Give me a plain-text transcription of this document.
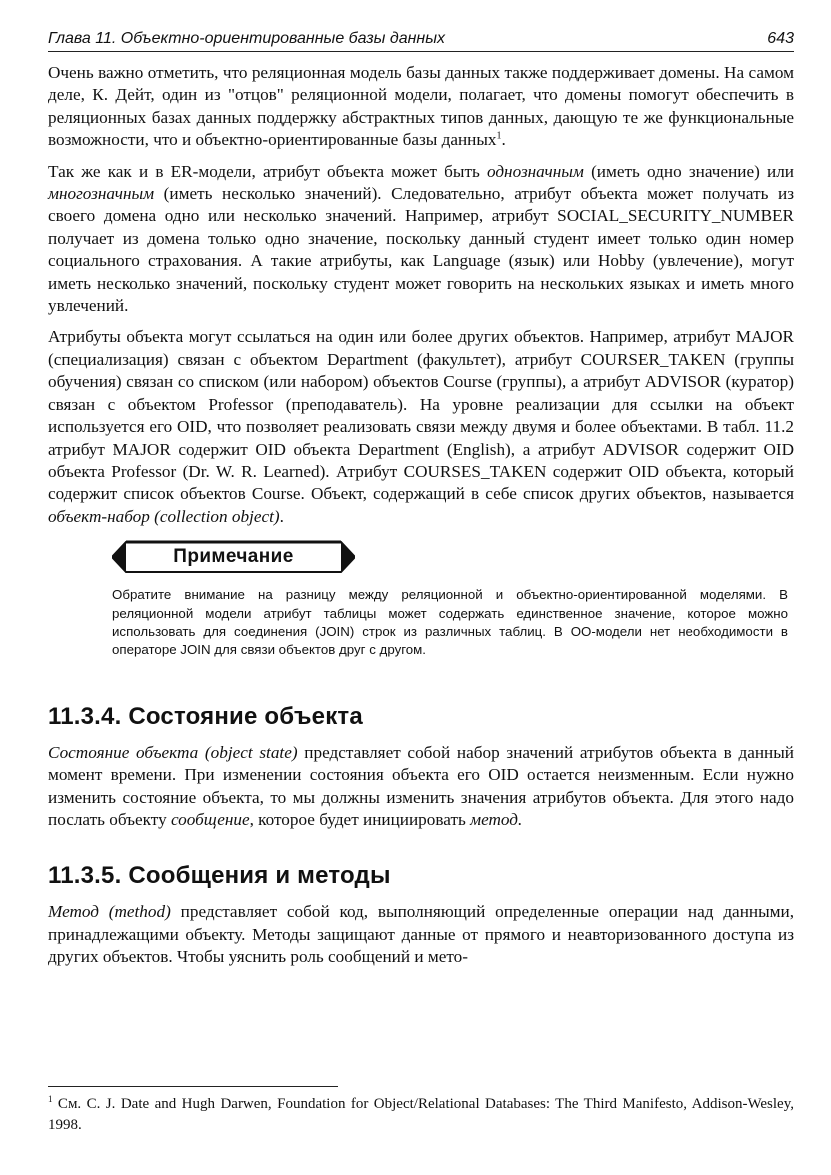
Глава 11. Объектно-ориентированные базы данных	643

Очень важно отметить, что реляционная модель базы данных также поддерживает домены. На самом деле, К. Дейт, один из "отцов" реляционной модели, полагает, что домены помогут обеспечить в реляционных базах данных поддержку абстрактных типов данных, дающую те же функциональные возможности, что и объектно-ориентированные базы данных$^1$.

Так же как и в ER-модели, атрибут объекта может быть однозначным (иметь одно значение) или многозначным (иметь несколько значений). Следовательно, атрибут объекта может получать из своего домена одно или несколько значений. Например, атрибут SOCIAL_SECURITY_NUMBER получает из домена только одно значение, поскольку данный студент имеет только один номер социального страхования. А такие атрибуты, как Language (язык) или Hobby (увлечение), могут иметь несколько значений, поскольку студент может говорить на нескольких языках и иметь много увлечений.

Атрибуты объекта могут ссылаться на один или более других объектов. Например, атрибут MAJOR (специализация) связан с объектом Department (факультет), атрибут COURSER_TAKEN (группы обучения) связан со списком (или набором) объектов Course (группы), а атрибут ADVISOR (куратор) связан с объектом Professor (преподаватель). На уровне реализации для ссылки на объект используется его OID, что позволяет реализовать связи между двумя и более объектами. В табл. 11.2 атрибут MAJOR содержит OID объекта Department (English), а атрибут ADVISOR содержит OID объекта Professor (Dr. W. R. Learned). Атрибут COURSES_TAKEN содержит OID объекта, который содержит список объектов Course. Объект, содержащий в себе список других объектов, называется объект-набор (collection object).

Примечание
Обратите внимание на разницу между реляционной и объектно-ориентированной моделями. В реляционной модели атрибут таблицы может содержать единственное значение, которое можно использовать для соединения (JOIN) строк из различных таблиц. В ОО-модели нет необходимости в операторе JOIN для связи объектов друг с другом.
11.3.4. Состояние объекта

Состояние объекта (object state) представляет собой набор значений атрибутов объекта в данный момент времени. При изменении состояния объекта его OID остается неизменным. Если нужно изменить состояние объекта, то мы должны изменить значения атрибутов объекта. Для этого надо послать объекту сообщение, которое будет инициировать метод.

11.3.5. Сообщения и методы

Метод (method) представляет собой код, выполняющий определенные операции над данными, принадлежащими объекту. Методы защищают данные от прямого и неавторизованного доступа из других объектов. Чтобы уяснить роль сообщений и мето-

$^1$ См. C. J. Date and Hugh Darwen, Foundation for Object/Relational Databases: The Third Manifesto, Addison-Wesley, 1998.
